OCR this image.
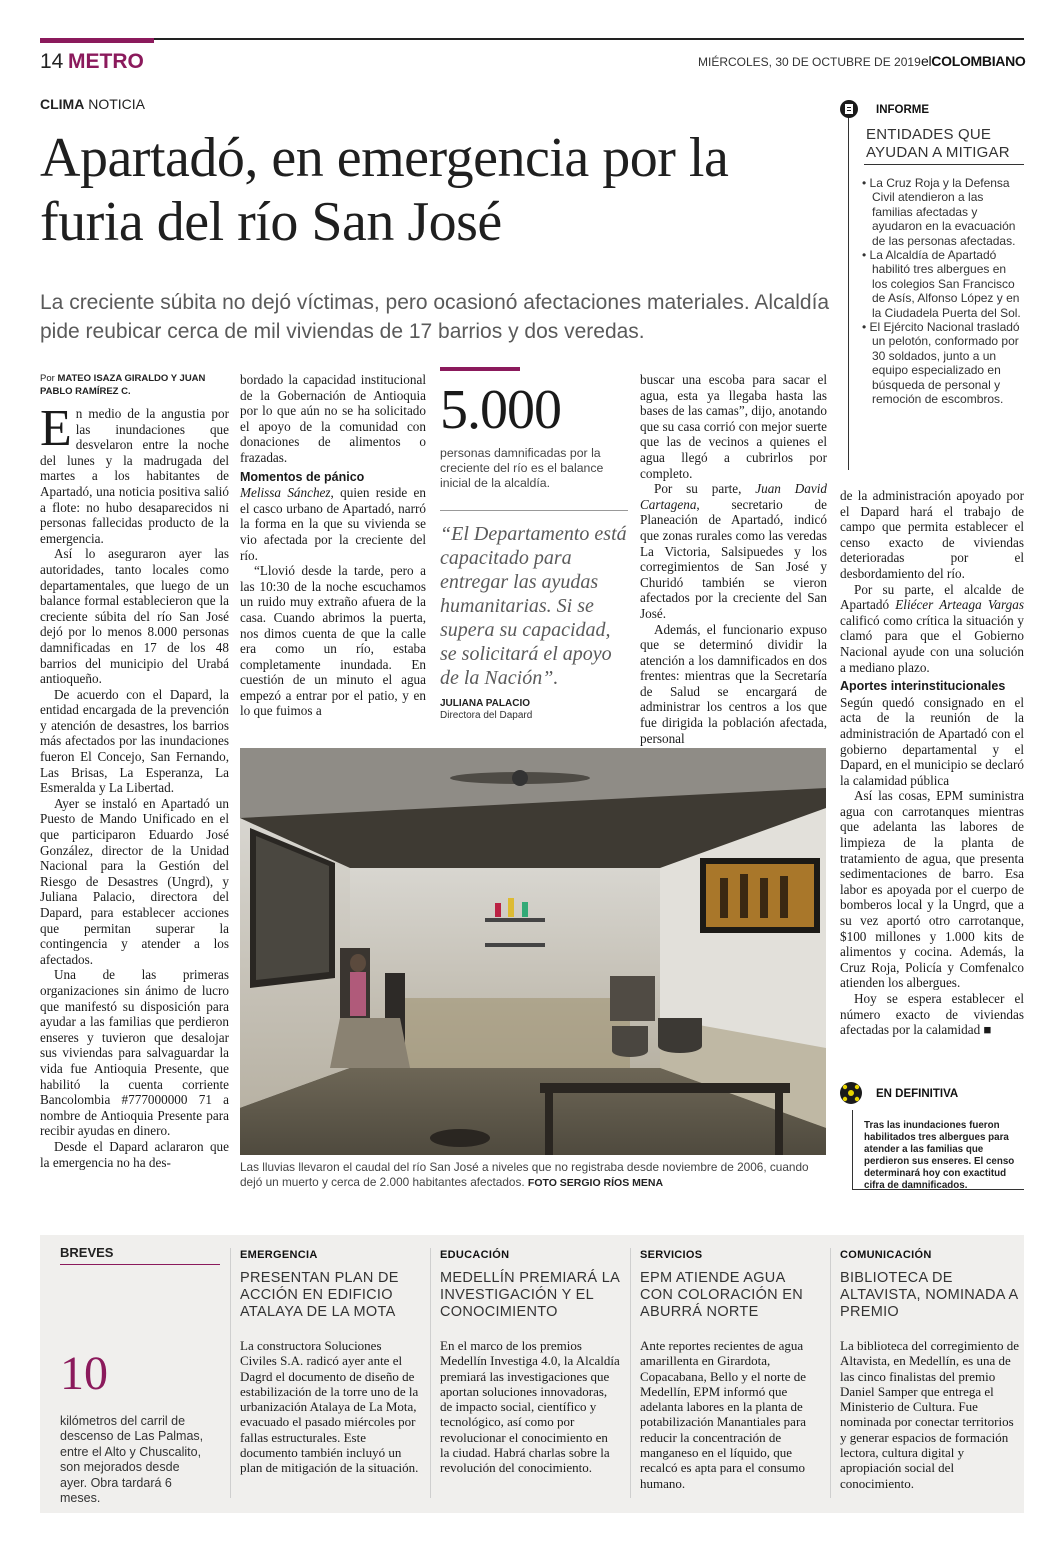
14 METRO	MIÉRCOLES, 30 DE OCTUBRE DE 2019 elCOLOMBIANO
CLIMA NOTICIA
Apartadó, en emergencia por la furia del río San José
La creciente súbita no dejó víctimas, pero ocasionó afectaciones materiales. Alcaldía pide reubicar cerca de mil viviendas de 17 barrios y dos veredas.
Por MATEO ISAZA GIRALDO Y JUAN PABLO RAMÍREZ C.

En medio de la angustia por las inundaciones que desvelaron entre la noche del lunes y la madrugada del martes a los habitantes de Apartadó, una noticia positiva salió a flote: no hubo desaparecidos ni personas fallecidas producto de la emergencia.

Así lo aseguraron ayer las autoridades, tanto locales como departamentales, que luego de un balance formal establecieron que la creciente súbita del río San José dejó por lo menos 8.000 personas damnificadas en 17 de los 48 barrios del municipio del Urabá antioqueño.

De acuerdo con el Dapard, la entidad encargada de la prevención y atención de desastres, los barrios más afectados por las inundaciones fueron El Concejo, San Fernando, Las Brisas, La Esperanza, La Esmeralda y La Libertad.

Ayer se instaló en Apartadó un Puesto de Mando Unificado en el que participaron Eduardo José González, director de la Unidad Nacional para la Gestión del Riesgo de Desastres (Ungrd), y Juliana Palacio, directora del Dapard, para establecer acciones que permitan superar la contingencia y atender a los afectados.

Una de las primeras organizaciones sin ánimo de lucro que manifestó su disposición para ayudar a las familias que perdieron enseres y tuvieron que desalojar sus viviendas para salvaguardar la vida fue Antioquia Presente, que habilitó la cuenta corriente Bancolombia #777000000 71 a nombre de Antioquia Presente para recibir ayudas en dinero.

Desde el Dapard aclararon que la emergencia no ha des-

bordado la capacidad institucional de la Gobernación de Antioquia por lo que aún no se ha solicitado el apoyo de la comunidad con donaciones de alimentos o frazadas.

Momentos de pánico

Melissa Sánchez, quien reside en el casco urbano de Apartadó, narró la forma en la que su vivienda se vio afectada por la creciente del río.

“Llovió desde la tarde, pero a las 10:30 de la noche escuchamos un ruido muy extraño afuera de la casa. Cuando abrimos la puerta, nos dimos cuenta de que la calle era como un río, estaba completamente inundada. En cuestión de un minuto el agua empezó a entrar por el patio, y en lo que fuimos a

5.000
personas damnificadas por la creciente del río es el balance inicial de la alcaldía.
“El Departamento está capacitado para entregar las ayudas humanitarias. Si se supera su capacidad, se solicitará el apoyo de la Nación”.
JULIANA PALACIO
Directora del Dapard

buscar una escoba para sacar el agua, esta ya llegaba hasta las bases de las camas”, dijo, anotando que su casa corrió con mejor suerte que las de vecinos a quienes el agua llegó a cubrirlos por completo.

Por su parte, Juan David Cartagena, secretario de Planeación de Apartadó, indicó que zonas rurales como las veredas La Victoria, Salsipuedes y los corregimientos de San José y Churidó también se vieron afectados por la creciente del San José.

Además, el funcionario expuso que se determinó dividir la atención a los damnificados en dos frentes: mientras que la Secretaría de Salud se encargará de administrar los centros a los que fue dirigida la población afectada, personal

de la administración apoyado por el Dapard hará el trabajo de campo que permita establecer el censo exacto de viviendas deterioradas por el desbordamiento del río.

Por su parte, el alcalde de Apartadó Eliécer Arteaga Vargas calificó como crítica la situación y clamó para que el Gobierno Nacional ayude con una solución a mediano plazo.

Aportes interinstitucionales

Según quedó consignado en el acta de la reunión de la administración de Apartadó con el gobierno departamental y el Dapard, en el municipio se declaró la calamidad pública

Así las cosas, EPM suministra agua con carrotanques mientras que adelanta las labores de limpieza de la planta de tratamiento de agua, que presenta sedimentaciones de barro. Esa labor es apoyada por el cuerpo de bomberos local y la Ungrd, que a su vez aportó otro carrotanque, $100 millones y 1.000 kits de alimentos y cocina. Además, la Cruz Roja, Policía y Comfenalco atienden los albergues.

Hoy se espera establecer el número exacto de viviendas afectadas por la calamidad ■

Las lluvias llevaron el caudal del río San José a niveles que no registraba desde noviembre de 2006, cuando dejó un muerto y cerca de 2.000 habitantes afectados. FOTO SERGIO RÍOS MENA
INFORME
ENTIDADES QUE AYUDAN A MITIGAR
• La Cruz Roja y la Defensa Civil atendieron a las familias afectadas y ayudaron en la evacuación de las personas afectadas.
• La Alcaldía de Apartadó habilitó tres albergues en los colegios San Francisco de Asís, Alfonso López y en la Ciudadela Puerta del Sol.
• El Ejército Nacional trasladó un pelotón, conformado por 30 soldados, junto a un equipo especializado en búsqueda de personal y remoción de escombros.
EN DEFINITIVA
Tras las inundaciones fueron habilitados tres albergues para atender a las familias que perdieron sus enseres. El censo determinará hoy con exactitud cifra de damnificados.
BREVES
10
kilómetros del carril de descenso de Las Palmas, entre el Alto y Chuscalito, son mejorados desde ayer. Obra tardará 6 meses.
EMERGENCIA
PRESENTAN PLAN DE ACCIÓN EN EDIFICIO ATALAYA DE LA MOTA
La constructora Soluciones Civiles S.A. radicó ayer ante el Dagrd el documento de diseño de estabilización de la torre uno de la urbanización Atalaya de La Mota, evacuado el pasado miércoles por fallas estructurales. Este documento también incluyó un plan de mitigación de la situación.
EDUCACIÓN
MEDELLÍN PREMIARÁ LA INVESTIGACIÓN Y EL CONOCIMIENTO
En el marco de los premios Medellín Investiga 4.0, la Alcaldía premiará las investigaciones que aportan soluciones innovadoras, de impacto social, científico y tecnológico, así como por revolucionar el conocimiento en la ciudad. Habrá charlas sobre la revolución del conocimiento.
SERVICIOS
EPM ATIENDE AGUA CON COLORACIÓN EN ABURRÁ NORTE
Ante reportes recientes de agua amarillenta en Girardota, Copacabana, Bello y el norte de Medellín, EPM informó que adelanta labores en la planta de potabilización Manantiales para reducir la concentración de manganeso en el líquido, que recalcó es apta para el consumo humano.
COMUNICACIÓN
BIBLIOTECA DE ALTAVISTA, NOMINADA A PREMIO
La biblioteca del corregimiento de Altavista, en Medellín, es una de las cinco finalistas del premio Daniel Samper que entrega el Ministerio de Cultura. Fue nominada por conectar territorios y generar espacios de formación lectora, cultura digital y apropiación social del conocimiento.
